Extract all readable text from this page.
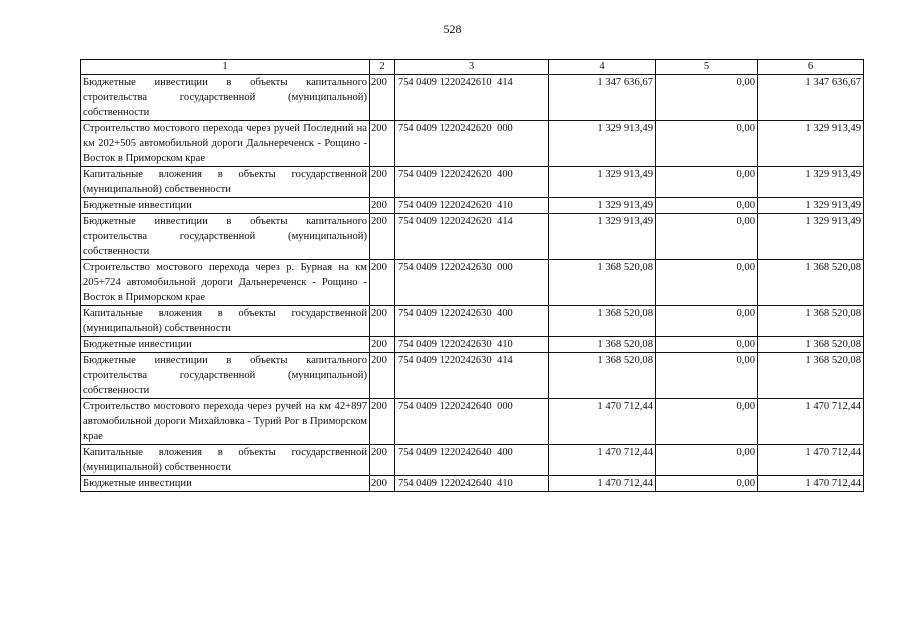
528
1	2	3	4	5	6
Бюджетные инвестиции в объекты капитального строительства государственной (муниципальной) собственности	200	754 0409 1220242610 414	1 347 636,67	0,00	1 347 636,67
Строительство мостового перехода через ручей Последний на км 202+505 автомобильной дороги Дальнереченск - Рощино - Восток в Приморском крае	200	754 0409 1220242620 000	1 329 913,49	0,00	1 329 913,49
Капитальные вложения в объекты государственной (муниципальной) собственности	200	754 0409 1220242620 400	1 329 913,49	0,00	1 329 913,49
Бюджетные инвестиции	200	754 0409 1220242620 410	1 329 913,49	0,00	1 329 913,49
Бюджетные инвестиции в объекты капитального строительства государственной (муниципальной) собственности	200	754 0409 1220242620 414	1 329 913,49	0,00	1 329 913,49
Строительство мостового перехода через р. Бурная на км 205+724 автомобильной дороги Дальнереченск - Рощино - Восток в Приморском крае	200	754 0409 1220242630 000	1 368 520,08	0,00	1 368 520,08
Капитальные вложения в объекты государственной (муниципальной) собственности	200	754 0409 1220242630 400	1 368 520,08	0,00	1 368 520,08
Бюджетные инвестиции	200	754 0409 1220242630 410	1 368 520,08	0,00	1 368 520,08
Бюджетные инвестиции в объекты капитального строительства государственной (муниципальной) собственности	200	754 0409 1220242630 414	1 368 520,08	0,00	1 368 520,08
Строительство мостового перехода через ручей на км 42+897 автомобильной дороги Михайловка - Турий Рог в Приморском крае	200	754 0409 1220242640 000	1 470 712,44	0,00	1 470 712,44
Капитальные вложения в объекты государственной (муниципальной) собственности	200	754 0409 1220242640 400	1 470 712,44	0,00	1 470 712,44
Бюджетные инвестиции	200	754 0409 1220242640 410	1 470 712,44	0,00	1 470 712,44
